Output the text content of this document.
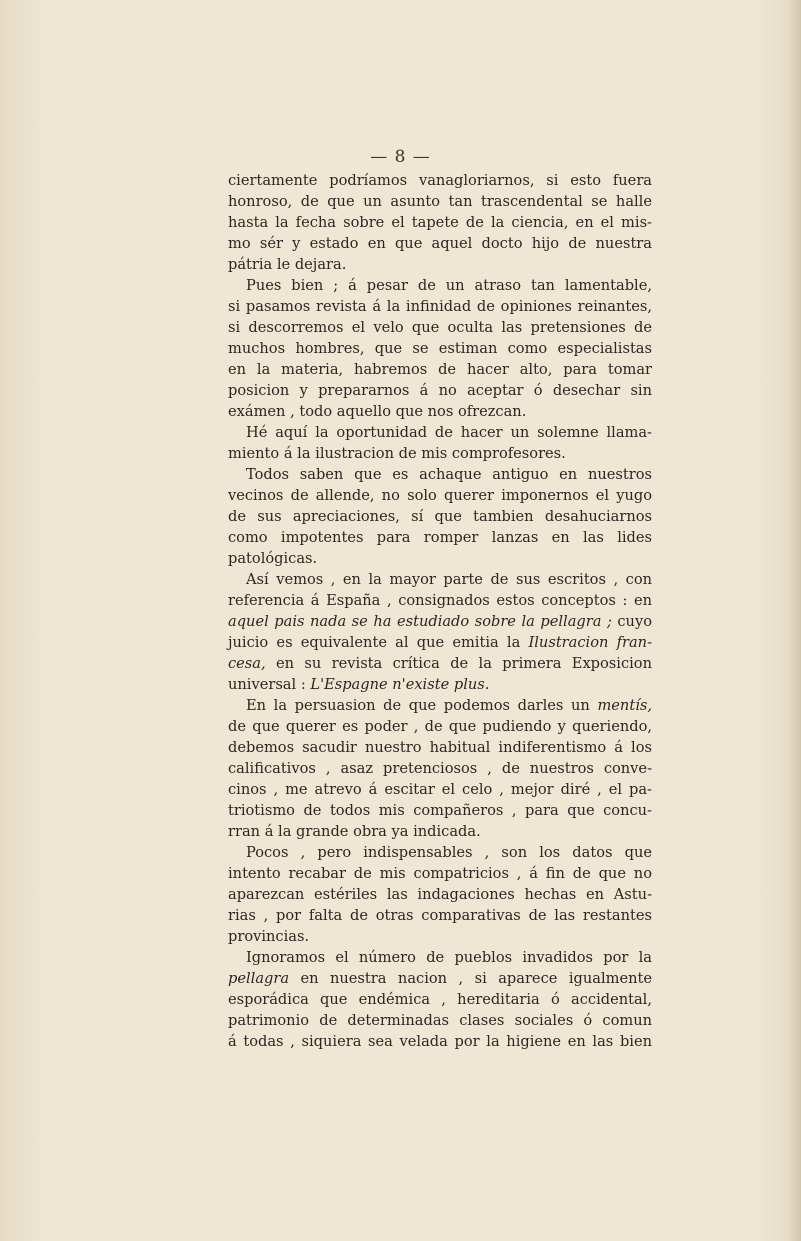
— 8 —
ciertamente podríamos vanagloriarnos, si esto fuera
honroso, de que un asunto tan trascendental se halle
hasta la fecha sobre el tapete de la ciencia, en el mis-
mo sér y estado en que aquel docto hijo de nuestra
pátria le dejara.
Pues bien ; á pesar de un atraso tan lamentable,
si pasamos revista á la infinidad de opiniones reinantes,
si descorremos el velo que oculta las pretensiones de
muchos hombres, que se estiman como especialistas
en la materia, habremos de hacer alto, para tomar
posicion y prepararnos á no aceptar ó desechar sin
exámen , todo aquello que nos ofrezcan.
Hé aquí la oportunidad de hacer un solemne llama-
miento á la ilustracion de mis comprofesores.
Todos saben que es achaque antiguo en nuestros
vecinos de allende, no solo querer imponernos el yugo
de sus apreciaciones, sí que tambien desahuciarnos
como impotentes para romper lanzas en las lides
patológicas.
Así vemos , en la mayor parte de sus escritos , con
referencia á España , consignados estos conceptos : en
aquel pais nada se ha estudiado sobre la pellagra ; cuyo
juicio es equivalente al que emitia la Ilustracion fran-
cesa, en su revista crítica de la primera Exposicion
universal : L'Espagne n'existe plus.
En la persuasion de que podemos darles un mentís,
de que querer es poder , de que pudiendo y queriendo,
debemos sacudir nuestro habitual indiferentismo á los
calificativos , asaz pretenciosos , de nuestros conve-
cinos , me atrevo á escitar el celo , mejor diré , el pa-
triotismo de todos mis compañeros , para que concu-
rran á la grande obra ya indicada.
Pocos , pero indispensables , son los datos que
intento recabar de mis compatricios , á fin de que no
aparezcan estériles las indagaciones hechas en Astu-
rias , por falta de otras comparativas de las restantes
provincias.
Ignoramos el número de pueblos invadidos por la
pellagra en nuestra nacion , si aparece igualmente
esporádica que endémica , hereditaria ó accidental,
patrimonio de determinadas clases sociales ó comun
á todas , siquiera sea velada por la higiene en las bien
